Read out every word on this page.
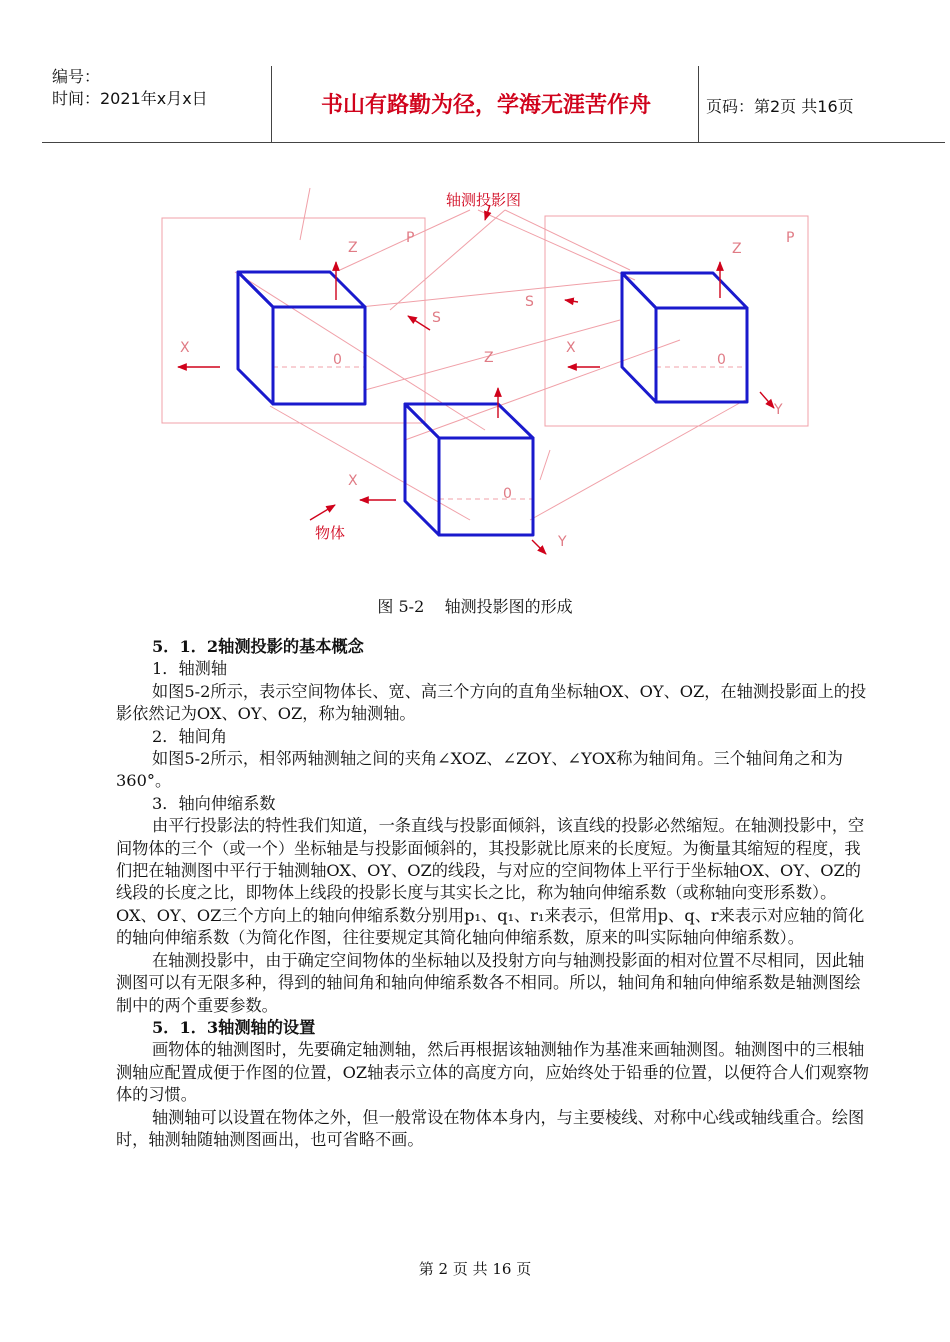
编号：
时间：2021年x月x日	书山有路勤为径，学海无涯苦作舟	页码：第2页 共16页
Z
P
X
0
S
S
Z
Z
P
X
0
Y
X
0
Y
轴测投影图
物体
图 5-2    轴测投影图的形成

5．1．2轴测投影的基本概念

1．轴测轴

如图5-2所示，表示空间物体长、宽、高三个方向的直角坐标轴OX、OY、OZ，在轴测投影面上的投影依然记为OX、OY、OZ，称为轴测轴。

2．轴间角

如图5-2所示，相邻两轴测轴之间的夹角∠XOZ、∠ZOY、∠YOX称为轴间角。三个轴间角之和为360°。

3．轴向伸缩系数

由平行投影法的特性我们知道，一条直线与投影面倾斜，该直线的投影必然缩短。在轴测投影中，空间物体的三个（或一个）坐标轴是与投影面倾斜的，其投影就比原来的长度短。为衡量其缩短的程度，我们把在轴测图中平行于轴测轴OX、OY、OZ的线段，与对应的空间物体上平行于坐标轴OX、OY、OZ的线段的长度之比，即物体上线段的投影长度与其实长之比，称为轴向伸缩系数（或称轴向变形系数）。OX、OY、OZ三个方向上的轴向伸缩系数分别用p₁、q₁、r₁来表示，但常用p、q、r来表示对应轴的简化的轴向伸缩系数（为简化作图，往往要规定其简化轴向伸缩系数，原来的叫实际轴向伸缩系数）。

在轴测投影中，由于确定空间物体的坐标轴以及投射方向与轴测投影面的相对位置不尽相同，因此轴测图可以有无限多种，得到的轴间角和轴向伸缩系数各不相同。所以，轴间角和轴向伸缩系数是轴测图绘制中的两个重要参数。

5．1．3轴测轴的设置

画物体的轴测图时，先要确定轴测轴，然后再根据该轴测轴作为基准来画轴测图。轴测图中的三根轴测轴应配置成便于作图的位置，OZ轴表示立体的高度方向，应始终处于铅垂的位置，以便符合人们观察物体的习惯。

轴测轴可以设置在物体之外，但一般常设在物体本身内，与主要棱线、对称中心线或轴线重合。绘图时，轴测轴随轴测图画出，也可省略不画。

第 2 页 共 16 页
